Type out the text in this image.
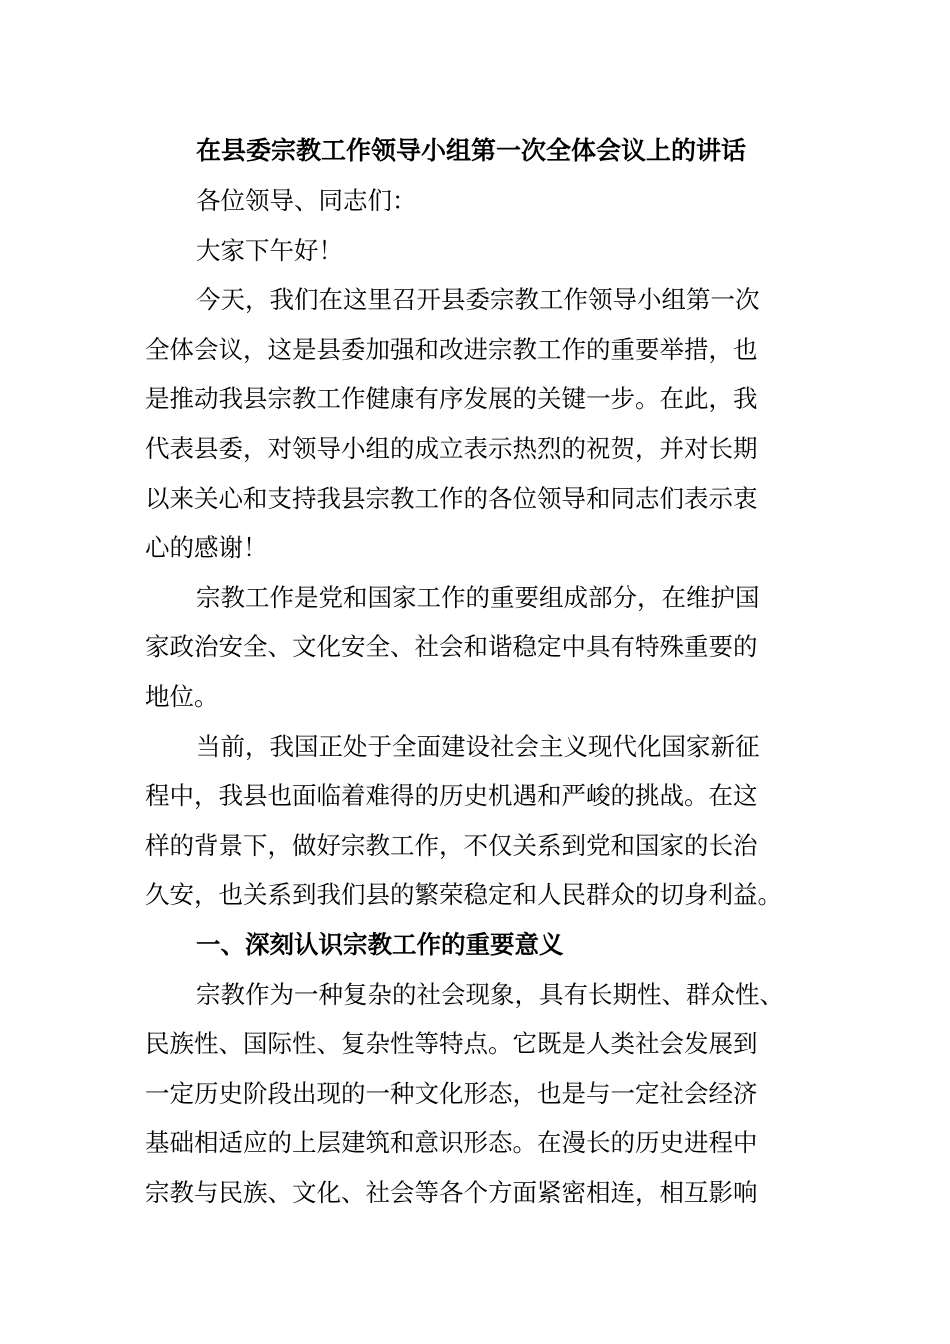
在县委宗教工作领导小组第一次全体会议上的讲话

各位领导、同志们：

大家下午好！

今天，我们在这里召开县委宗教工作领导小组第一次
全体会议，这是县委加强和改进宗教工作的重要举措，也
是推动我县宗教工作健康有序发展的关键一步。在此，我
代表县委，对领导小组的成立表示热烈的祝贺，并对长期
以来关心和支持我县宗教工作的各位领导和同志们表示衷
心的感谢！
宗教工作是党和国家工作的重要组成部分，在维护国
家政治安全、文化安全、社会和谐稳定中具有特殊重要的
地位。
当前，我国正处于全面建设社会主义现代化国家新征
程中，我县也面临着难得的历史机遇和严峻的挑战。在这
样的背景下，做好宗教工作，不仅关系到党和国家的长治
久安，也关系到我们县的繁荣稳定和人民群众的切身利益。
一、深刻认识宗教工作的重要意义
宗教作为一种复杂的社会现象，具有长期性、群众性、
民族性、国际性、复杂性等特点。它既是人类社会发展到
一定历史阶段出现的一种文化形态，也是与一定社会经济
基础相适应的上层建筑和意识形态。在漫长的历史进程中
宗教与民族、文化、社会等各个方面紧密相连，相互影响
